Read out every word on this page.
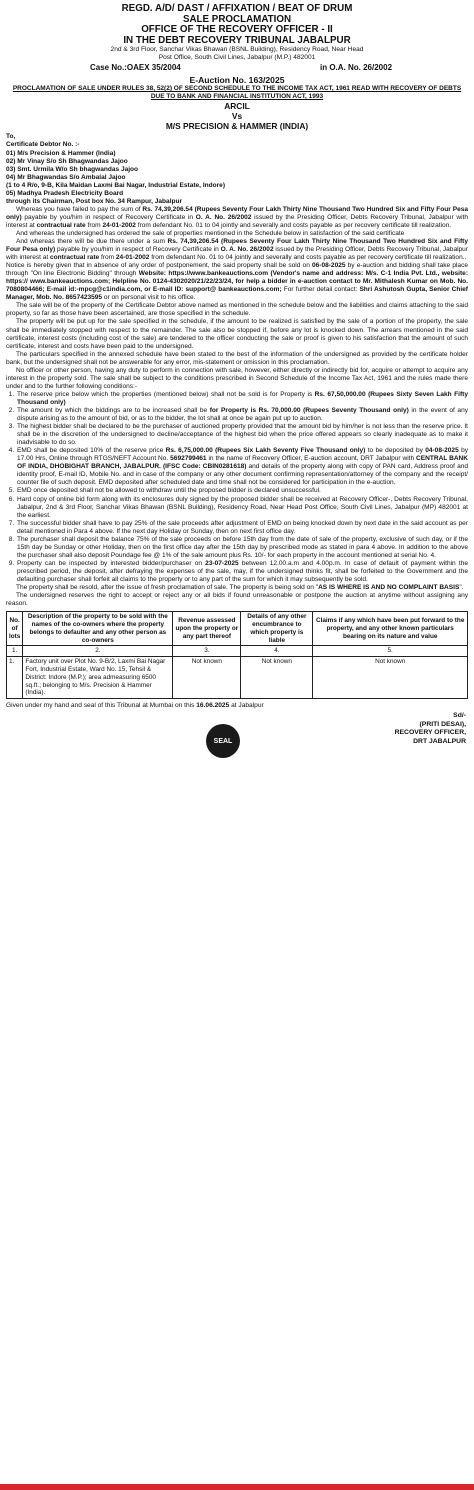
REGD. A/D/ DAST / AFFIXATION / BEAT OF DRUM
SALE PROCLAMATION
OFFICE OF THE RECOVERY OFFICER - II
IN THE DEBT RECOVERY TRIBUNAL JABALPUR
2nd & 3rd Floor, Sanchar Vikas Bhawan (BSNL Building), Residency Road, Near Head
Post Office, South Civil Lines, Jabalpur (M.P.) 482001
Case No.:OAEX 35/2004	in O.A. No. 26/2002
E-Auction No. 163/2025
PROCLAMATION OF SALE UNDER RULES 38, 52(2) OF SECOND SCHEDULE TO THE INCOME TAX ACT, 1961 READ WITH RECOVERY OF DEBTS DUE TO BANK AND FINANCIAL INSTITUTION ACT, 1993
ARCIL
Vs
M/S PRECISION & HAMMER (INDIA)
To,
Certificate Debtor No. :-
01) M/s Precision & Hammer (India)
02) Mr Vinay S/o Sh Bhagwandas Jajoo
03) Smt. Urmila W/o Sh bhagwandas Jajoo
04) Mr Bhagwandas S/o Ambalal Jajoo
(1 to 4 R/o, 9-B, Kila Maidan Laxmi Bai Nagar, Industrial Estate, Indore)
05) Madhya Pradesh Electricity Board
through its Chairman, Post box No. 34 Rampur, Jabalpur

Whereas you have failed to pay the sum of Rs. 74,39,206.54 (Rupees Seventy Four Lakh Thirty Nine Thousand Two Hundred Six and Fifty Four Pesa only) payable by you/him in respect of Recovery Certificate in O. A. No. 26/2002 issued by the Presiding Officer, Debts Recovery Tribunal, Jabalpur with interest at contractual rate from 24-01-2002 from defendant No. 01 to 04 jointly and severally and costs payable as per recovery certificate till realization.

And whereas the undersigned has ordered the sale of properties mentioned in the Schedule below in satisfaction of the said certificate

And whereas there will be due there under a sum Rs. 74,39,206.54 (Rupees Seventy Four Lakh Thirty Nine Thousand Two Hundred Six and Fifty Four Pesa only) payable by you/him in respect of Recovery Certificate in O. A. No. 26/2002 issued by the Presiding Officer, Debts Recovery Tribunal, Jabalpur with interest at contractual rate from 24-01-2002 from defendant No. 01 to 04 jointly and severally and costs payable as per recovery certificate till realization..

Notice is hereby given that in absence of any order of postponement, the said property shall be sold on 06-08-2025 by e-auction and bidding shall take place through "On line Electronic Bidding" through Website: https://www.bankeauctions.com (Vendor's name and address: M/s. C-1 India Pvt. Ltd., website: https:// www.bankeauctions.com; Helpline No. 0124-4302020/21/22/23/24, for help a bidder in e-auction contact to Mr. Mithalesh Kumar on Mob. No. 7080804466; E-mail id:-mpcg@c1india.com, or E-mail ID: support@ bankeauctions.com; For further detail contact: Shri Ashutosh Gupta, Senior Chief Manager, Mob. No. 8657423595 or on personal visit to his office.

The sale will be of the property of the Certificate Debtor above named as mentioned in the schedule below and the liabilities and claims attaching to the said property, so far as those have been ascertained, are those specified in the schedule.

The property will be put up for the sale specified in the schedule, if the amount to be realized is satisfied by the sale of a portion of the property, the sale shall be immediately stopped with respect to the remainder. The sale also be stopped if, before any lot is knocked down. The arrears mentioned in the said certificate, interest costs (including cost of the sale) are tendered to the officer conducting the sale or proof is given to his satisfaction that the amount of such certificate, interest and costs have been paid to the undersigned.

The particulars specified in the annexed schedule have been stated to the best of the information of the undersigned as provided by the certificate holder bank, but the undersigned shall not be answerable for any error, mis-statement or omission in this proclamation.

No officer or other person, having any duty to perform in connection with sale, however, either directly or indirectly bid for, acquire or attempt to acquire any interest in the property sold. The sale shall be subject to the conditions prescribed in Second Schedule of the Income Tax Act, 1961 and the rules made there under and to the further following conditions:-

1. The reserve price below which the properties (mentioned below) shall not be sold is for Property is Rs. 67,50,000.00 (Rupees Sixty Seven Lakh Fifty Thousand only)
2. The amount by which the biddings are to be increased shall be for Property is Rs. 70,000.00 (Rupees Seventy Thousand only) in the event of any dispute arising as to the amount of bid, or as to the bidder, the lot shall at once be again put up to auction.
3. The highest bidder shall be declared to be the purchaser of auctioned property provided that the amount bid by him/her is not less than the reserve price. It shall be in the discretion of the undersigned to decline/acceptance of the highest bid when the price offered appears so clearly inadequate as to make it inadvisable to do so.
4. EMD shall be deposited 10% of the reserve price Rs. 6,75,000.00 (Rupees Six Lakh Seventy Five Thousand only) to be deposited by 04-08-2025 by 17.00 Hrs, Online through RTGS/NEFT Account No. 5692799461 in the name of Recovery Officer, E-auction account, DRT Jabalpur with CENTRAL BANK OF INDIA, DHOBIGHAT BRANCH, JABALPUR. (IFSC Code: CBIN0281618) and details of the property along with copy of PAN card, Address proof and identity proof, E-mail ID, Mobile No. and in case of the company or any other document confirming representation/attorney of the company and the receipt/ counter file of such deposit. EMD deposited after scheduled date and time shall not be considered for participation in the e-auction.
5. EMD once deposited shall not be allowed to withdraw until the proposed bidder is declared unsuccessful.
6. Hard copy of online bid form along with its enclosures duly signed by the proposed bidder shall be received at Recovery Officer-, Debts Recovery Tribunal, Jabalpur, 2nd & 3rd Floor, Sanchar Vikas Bhawan (BSNL Building), Residency Road, Near Head Post Office, South Civil Lines, Jabalpur (MP) 482001 at the earliest.
7. The successful bidder shall have to pay 25% of the sale proceeds after adjustment of EMD on being knocked down by next date in the said account as per detail mentioned in Para 4 above. If the next day Holiday or Sunday, then on next first office day.
8. The purchaser shall deposit the balance 75% of the sale proceeds on before 15th day from the date of sale of the property, exclusive of such day, or if the 15th day be Sunday or other Holiday, then on the first office day after the 15th day by prescribed mode as stated in para 4 above. In addition to the above the purchaser shall also deposit Poundage fee @ 1% of the sale amount plus Rs. 10/- for each property in the account mentioned at serial No. 4.
9. Property can be inspected by interested bidder/purchaser on 23-07-2025 between 12.00.a.m and 4.00p.m. In case of default of payment within the prescribed period, the deposit, after defraying the expenses of the sale, may, if the undersigned thinks fit, shall be forfeited to the Government and the defaulting purchaser shall forfeit all claims to the property or to any part of the sum for which it may subsequently be sold.

The property shall be resold, after the issue of fresh proclamation of sale. The property is being sold on "AS IS WHERE IS AND NO COMPLAINT BASIS".

The undersigned reserves the right to accept or reject any or all bids if found unreasonable or postpone the auction at anytime without assigning any reason.

No. of lots	Description of the property to be sold with the names of the co-owners where the property belongs to defaulter and any other person as co-owners	Revenue assessed upon the property or any part thereof	Details of any other encumbrance to which property is liable	Claims if any which have been put forward to the property, and any other known particulars bearing on its nature and value
1.	2.	3.	4.	5.
1.	Factory unit over Plot No. 9-B/2, Laxmi Bai Nagar Fort, Industrial Estate, Ward No. 15, Tehsil & District: Indore (M.P.); area admeasuring 6500 sq.ft.; belonging to M/s. Precision & Hammer (India).	Not known	Not known	Not known
Given under my hand and seal of this Tribunal at Mumbai on this 16.06.2025 at Jabalpur
SEAL
Sd/-
(PRITI DESAI),
RECOVERY OFFICER,
DRT JABALPUR
